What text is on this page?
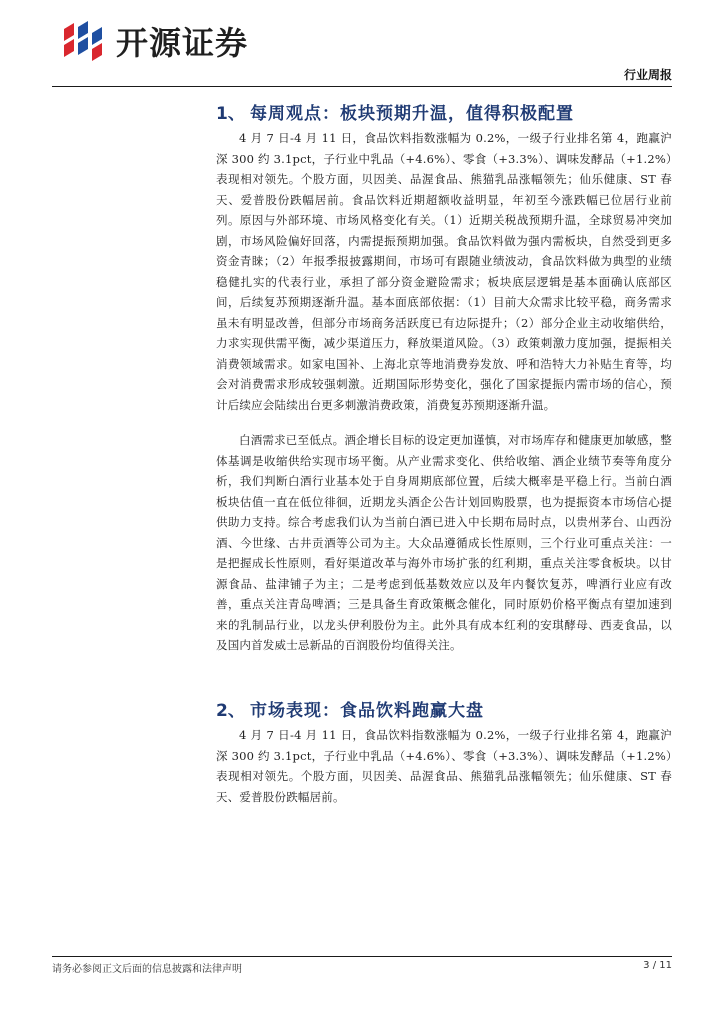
开源证券
行业周报
1、 每周观点：板块预期升温，值得积极配置
4 月 7 日-4 月 11 日，食品饮料指数涨幅为 0.2%，一级子行业排名第 4，跑赢沪深 300 约 3.1pct，子行业中乳品（+4.6%）、零食（+3.3%）、调味发酵品（+1.2%）表现相对领先。个股方面，贝因美、品渥食品、熊猫乳品涨幅领先；仙乐健康、ST 春天、爱普股份跌幅居前。食品饮料近期超额收益明显，年初至今涨跌幅已位居行业前列。原因与外部环境、市场风格变化有关。（1）近期关税战预期升温，全球贸易冲突加剧，市场风险偏好回落，内需提振预期加强。食品饮料做为强内需板块，自然受到更多资金青睐；（2）年报季报披露期间，市场可有跟随业绩波动，食品饮料做为典型的业绩稳健扎实的代表行业，承担了部分资金避险需求；板块底层逻辑是基本面确认底部区间，后续复苏预期逐渐升温。基本面底部依据：（1）目前大众需求比较平稳，商务需求虽未有明显改善，但部分市场商务活跃度已有边际提升；（2）部分企业主动收缩供给，力求实现供需平衡，减少渠道压力，释放渠道风险。（3）政策刺激力度加强，提振相关消费领域需求。如家电国补、上海北京等地消费券发放、呼和浩特大力补贴生育等，均会对消费需求形成较强刺激。近期国际形势变化，强化了国家提振内需市场的信心，预计后续应会陆续出台更多刺激消费政策，消费复苏预期逐渐升温。
白酒需求已至低点。酒企增长目标的设定更加谨慎，对市场库存和健康更加敏感，整体基调是收缩供给实现市场平衡。从产业需求变化、供给收缩、酒企业绩节奏等角度分析，我们判断白酒行业基本处于自身周期底部位置，后续大概率是平稳上行。当前白酒板块估值一直在低位徘徊，近期龙头酒企公告计划回购股票，也为提振资本市场信心提供助力支持。综合考虑我们认为当前白酒已进入中长期布局时点，以贵州茅台、山西汾酒、今世缘、古井贡酒等公司为主。大众品遵循成长性原则，三个行业可重点关注：一是把握成长性原则，看好渠道改革与海外市场扩张的红利期，重点关注零食板块。以甘源食品、盐津铺子为主；二是考虑到低基数效应以及年内餐饮复苏，啤酒行业应有改善，重点关注青岛啤酒；三是具备生育政策概念催化，同时原奶价格平衡点有望加速到来的乳制品行业，以龙头伊利股份为主。此外具有成本红利的安琪酵母、西麦食品，以及国内首发威士忌新品的百润股份均值得关注。
2、 市场表现：食品饮料跑赢大盘
4 月 7 日-4 月 11 日，食品饮料指数涨幅为 0.2%，一级子行业排名第 4，跑赢沪深 300 约 3.1pct，子行业中乳品（+4.6%）、零食（+3.3%）、调味发酵品（+1.2%）表现相对领先。个股方面，贝因美、品渥食品、熊猫乳品涨幅领先；仙乐健康、ST 春天、爱普股份跌幅居前。
请务必参阅正文后面的信息披露和法律声明	3 / 11
